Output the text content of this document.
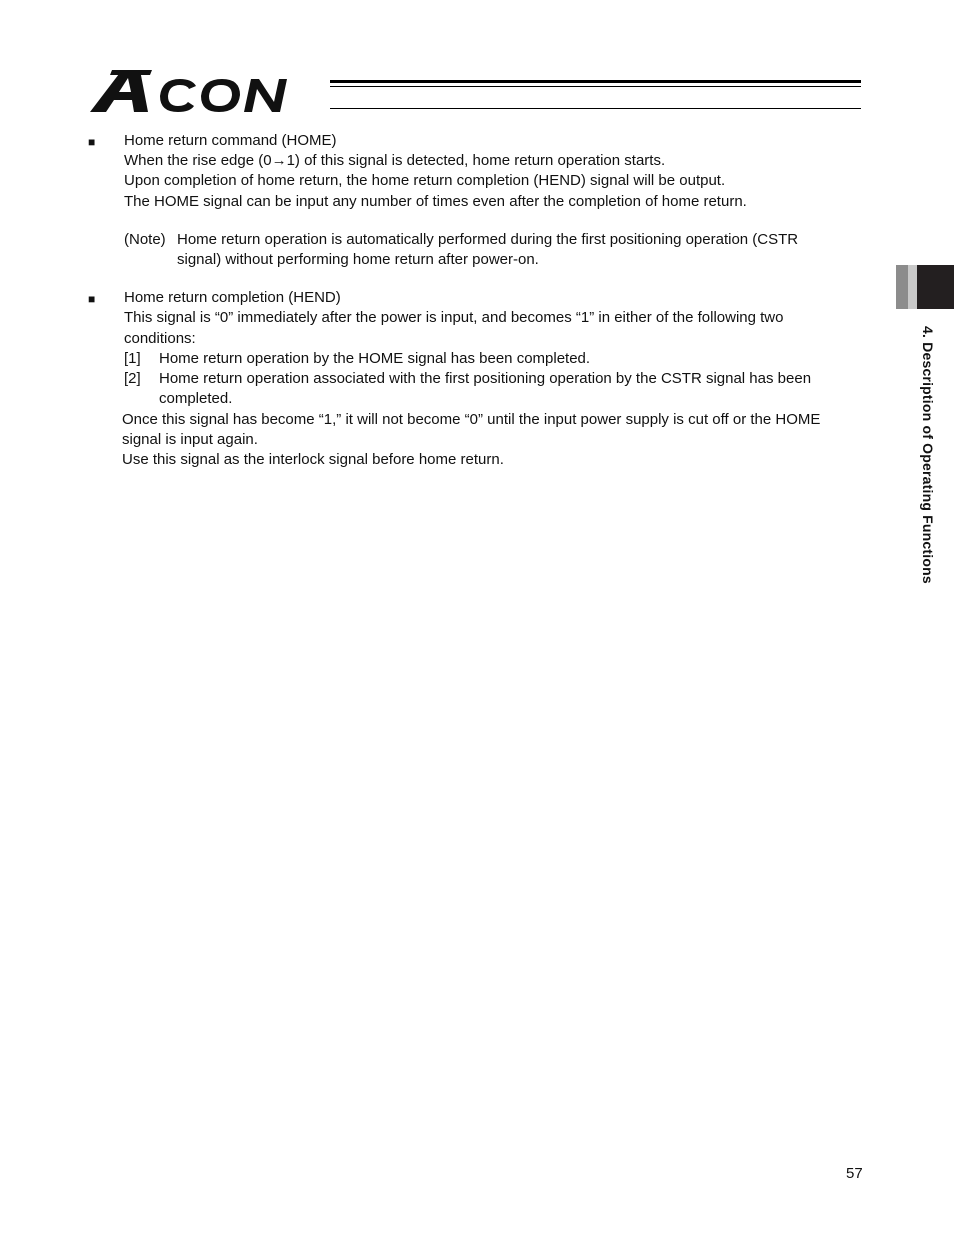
■ Home return command (HOME)
When the rise edge (0→1) of this signal is detected, home return operation starts.
Upon completion of home return, the home return completion (HEND) signal will be output.
The HOME signal can be input any number of times even after the completion of home return.
(Note) Home return operation is automatically performed during the first positioning operation (CSTR
signal) without performing home return after power-on.
■ Home return completion (HEND)
This signal is “0” immediately after the power is input, and becomes “1” in either of the following two
conditions:
[1] Home return operation by the HOME signal has been completed.
[2] Home return operation associated with the first positioning operation by the CSTR signal has been
completed.
Once this signal has become “1,” it will not become “0” until the input power supply is cut off or the HOME
signal is input again.
Use this signal as the interlock signal before home return.	4. Description of Operating Functions
57
